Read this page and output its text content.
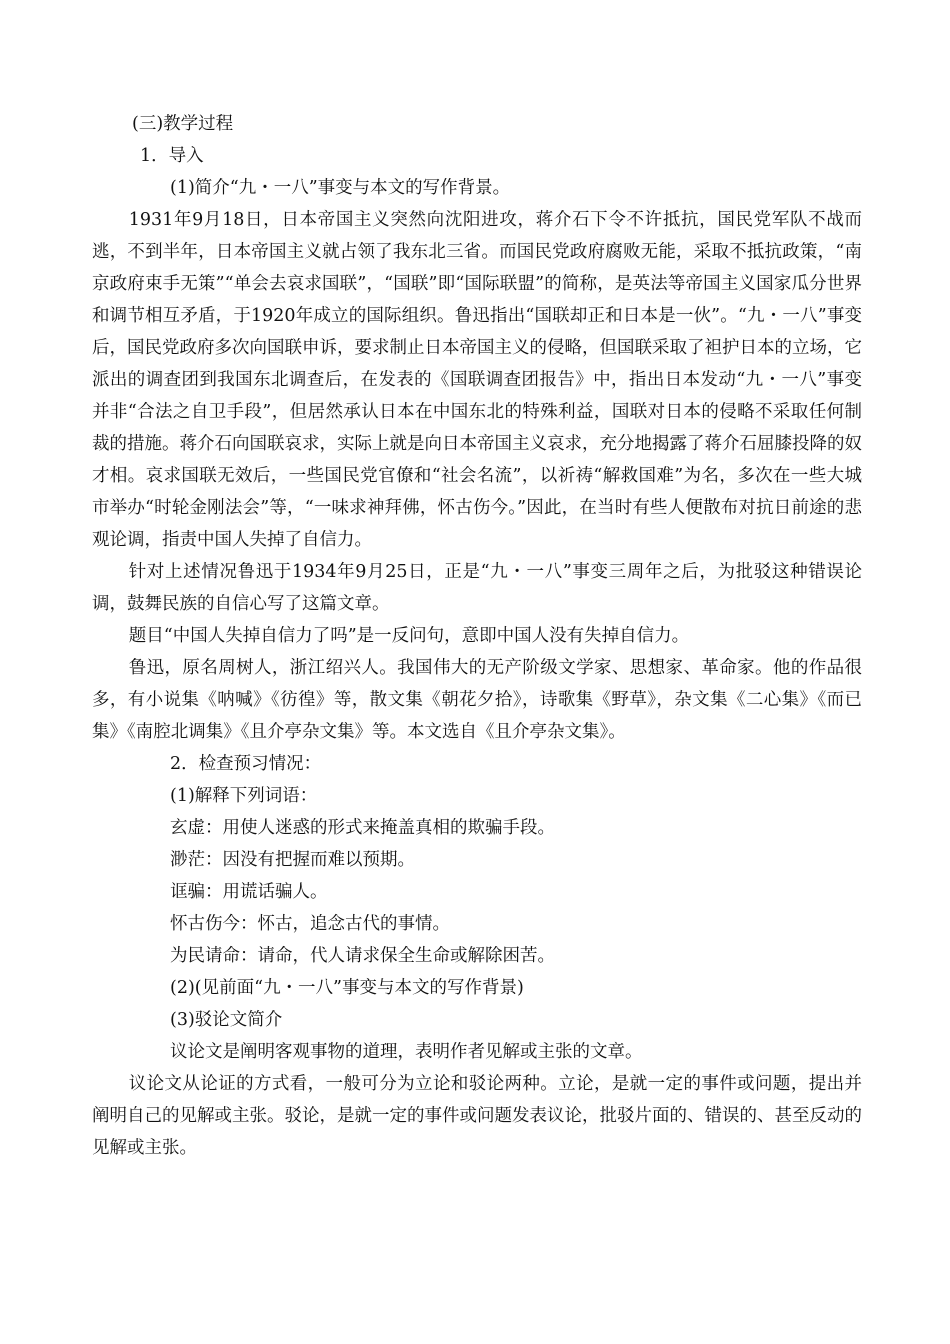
(三)教学过程

1．导入

(1)简介“九・一八”事变与本文的写作背景。

1931年9月18日，日本帝国主义突然向沈阳进攻，蒋介石下令不许抵抗，国民党军队不战而逃，不到半年，日本帝国主义就占领了我东北三省。而国民党政府腐败无能，采取不抵抗政策，“南京政府束手无策”“单会去哀求国联”，“国联”即“国际联盟”的简称，是英法等帝国主义国家瓜分世界和调节相互矛盾，于1920年成立的国际组织。鲁迅指出“国联却正和日本是一伙”。“九・一八”事变后，国民党政府多次向国联申诉，要求制止日本帝国主义的侵略，但国联采取了袒护日本的立场，它派出的调查团到我国东北调查后，在发表的《国联调查团报告》中，指出日本发动“九・一八”事变并非“合法之自卫手段”，但居然承认日本在中国东北的特殊利益，国联对日本的侵略不采取任何制裁的措施。蒋介石向国联哀求，实际上就是向日本帝国主义哀求，充分地揭露了蒋介石屈膝投降的奴才相。哀求国联无效后，一些国民党官僚和“社会名流”，以祈祷“解救国难”为名，多次在一些大城市举办“时轮金刚法会”等，“一味求神拜佛，怀古伤今。”因此，在当时有些人便散布对抗日前途的悲观论调，指责中国人失掉了自信力。

针对上述情况鲁迅于1934年9月25日，正是“九・一八”事变三周年之后，为批驳这种错误论调，鼓舞民族的自信心写了这篇文章。

题目“中国人失掉自信力了吗”是一反问句，意即中国人没有失掉自信力。

鲁迅，原名周树人，浙江绍兴人。我国伟大的无产阶级文学家、思想家、革命家。他的作品很多，有小说集《呐喊》《彷徨》等，散文集《朝花夕拾》，诗歌集《野草》，杂文集《二心集》《而已集》《南腔北调集》《且介亭杂文集》等。本文选自《且介亭杂文集》。

2．检查预习情况：

(1)解释下列词语：

玄虚：用使人迷惑的形式来掩盖真相的欺骗手段。

渺茫：因没有把握而难以预期。

诓骗：用谎话骗人。

怀古伤今：怀古，追念古代的事情。

为民请命：请命，代人请求保全生命或解除困苦。

(2)(见前面“九・一八”事变与本文的写作背景)

(3)驳论文简介

议论文是阐明客观事物的道理，表明作者见解或主张的文章。

议论文从论证的方式看，一般可分为立论和驳论两种。立论，是就一定的事件或问题，提出并阐明自己的见解或主张。驳论，是就一定的事件或问题发表议论，批驳片面的、错误的、甚至反动的见解或主张。
